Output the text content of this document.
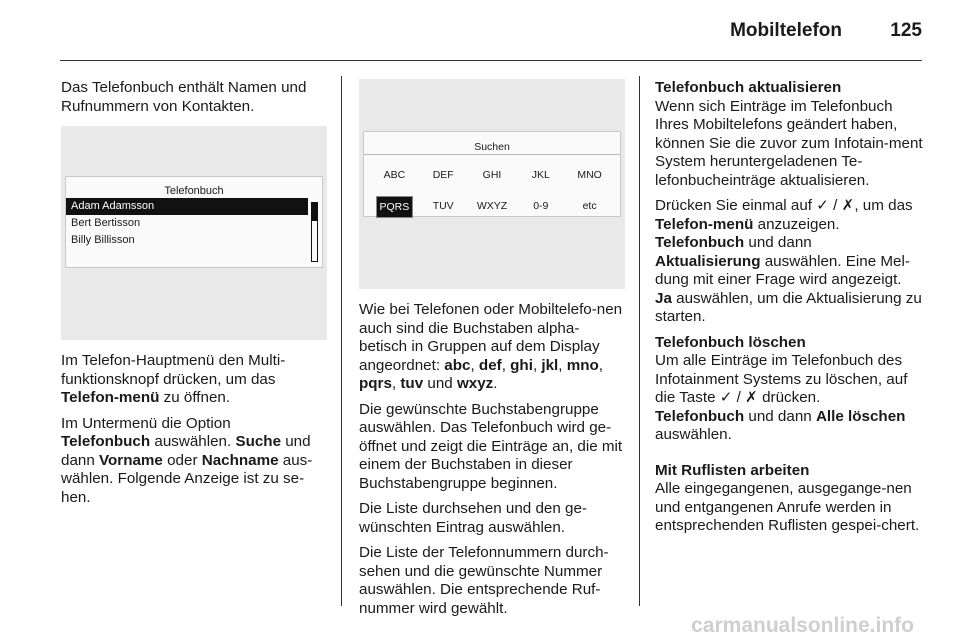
Mobiltelefon	125

Das Telefonbuch enthält Namen und Rufnummern von Kontakten.

Telefonbuch
Adam Adamsson
Bert Bertisson
Billy Billisson

Im Telefon-Hauptmenü den Multi-funktionsknopf drücken, um das
Telefon-menü zu öffnen.

Im Untermenü die Option
Telefonbuch auswählen. Suche und dann Vorname oder Nachname aus-wählen. Folgende Anzeige ist zu se-hen.

Suchen
ABC	DEF	GHI	JKL	MNO
PQRS	TUV	WXYZ	0-9	etc

Wie bei Telefonen oder Mobiltelefo-nen auch sind die Buchstaben alpha-betisch in Gruppen auf dem Display angeordnet: abc, def, ghi, jkl, mno,
pqrs, tuv und wxyz.

Die gewünschte Buchstabengruppe auswählen. Das Telefonbuch wird ge-öffnet und zeigt die Einträge an, die mit einem der Buchstaben in dieser Buchstabengruppe beginnen.

Die Liste durchsehen und den ge-wünschten Eintrag auswählen.

Die Liste der Telefonnummern durch-sehen und die gewünschte Nummer auswählen. Die entsprechende Ruf-nummer wird gewählt.

Telefonbuch aktualisieren

Wenn sich Einträge im Telefonbuch Ihres Mobiltelefons geändert haben, können Sie die zuvor zum Infotain-ment System heruntergeladenen Te-lefonbucheinträge aktualisieren.

Drücken Sie einmal auf ✓ / ✗, um das
Telefon-menü anzuzeigen.
Telefonbuch und dann
Aktualisierung auswählen. Eine Mel-dung mit einer Frage wird angezeigt.
Ja auswählen, um die Aktualisierung zu starten.

Telefonbuch löschen

Um alle Einträge im Telefonbuch des Infotainment Systems zu löschen, auf die Taste ✓ / ✗ drücken.
Telefonbuch und dann Alle löschen auswählen.

Mit Ruflisten arbeiten

Alle eingegangenen, ausgegange-nen und entgangenen Anrufe werden in entsprechenden Ruflisten gespei-chert.

carmanualsonline.info
